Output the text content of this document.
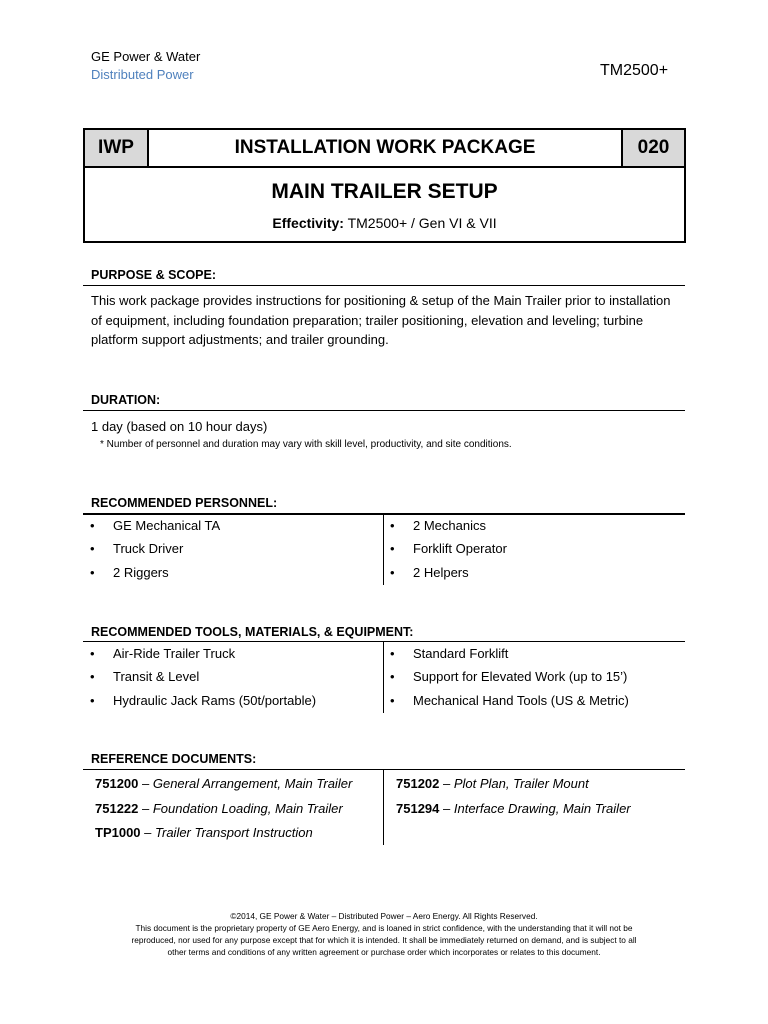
GE Power & Water
Distributed Power	TM2500+
IWP	INSTALLATION WORK PACKAGE	020
MAIN TRAILER SETUP
Effectivity: TM2500+ / Gen VI & VII
PURPOSE & SCOPE:
This work package provides instructions for positioning & setup of the Main Trailer prior to installation of equipment, including foundation preparation; trailer positioning, elevation and leveling; turbine platform support adjustments; and trailer grounding.
DURATION:
1 day (based on 10 hour days)
* Number of personnel and duration may vary with skill level, productivity, and site conditions.
RECOMMENDED PERSONNEL:
• GE Mechanical TA
• Truck Driver
• 2 Riggers
• 2 Mechanics
• Forklift Operator
• 2 Helpers
RECOMMENDED TOOLS, MATERIALS, & EQUIPMENT:
• Air-Ride Trailer Truck
• Transit & Level
• Hydraulic Jack Rams (50t/portable)
• Standard Forklift
• Support for Elevated Work (up to 15’)
• Mechanical Hand Tools (US & Metric)
REFERENCE DOCUMENTS:
751200 – General Arrangement, Main Trailer
751222 – Foundation Loading, Main Trailer
TP1000 – Trailer Transport Instruction
751202 – Plot Plan, Trailer Mount
751294 – Interface Drawing, Main Trailer
©2014, GE Power & Water – Distributed Power – Aero Energy. All Rights Reserved.
This document is the proprietary property of GE Aero Energy, and is loaned in strict confidence, with the understanding that it will not be
reproduced, nor used for any purpose except that for which it is intended. It shall be immediately returned on demand, and is subject to all
other terms and conditions of any written agreement or purchase order which incorporates or relates to this document.
